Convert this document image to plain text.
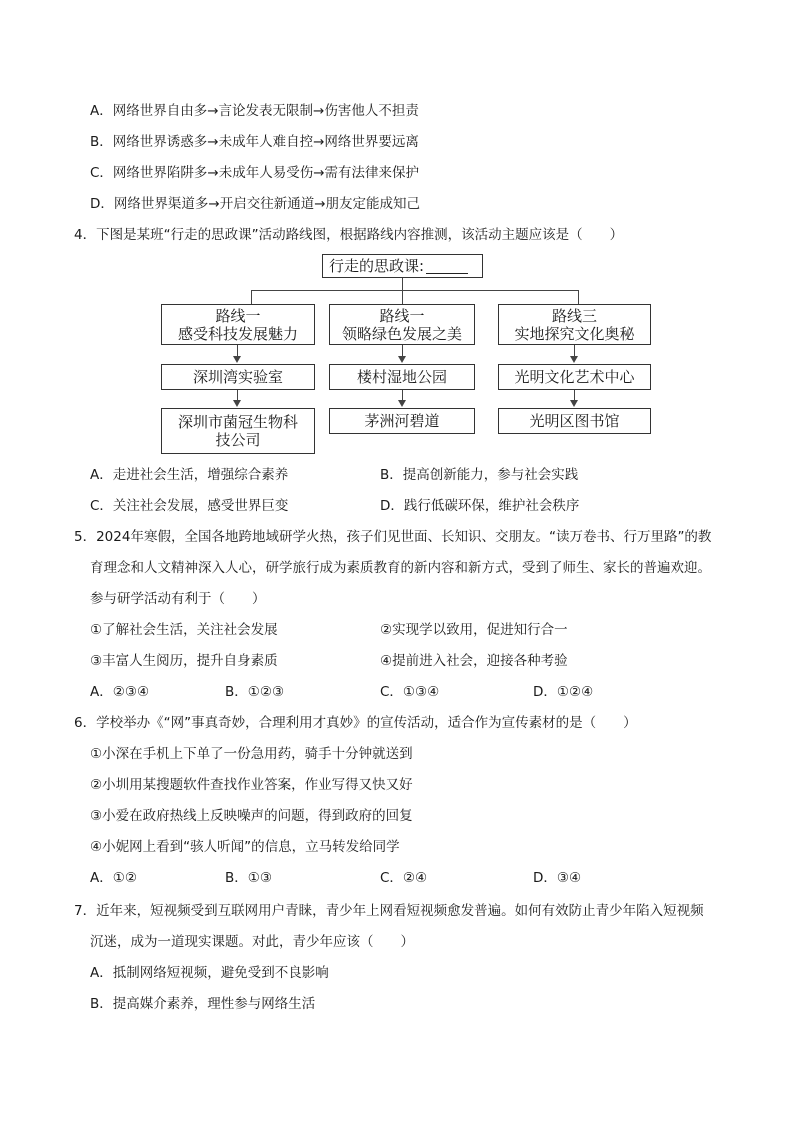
A．网络世界自由多→言论发表无限制→伤害他人不担责
B．网络世界诱惑多→未成年人难自控→网络世界要远离
C．网络世界陷阱多→未成年人易受伤→需有法律来保护
D．网络世界渠道多→开启交往新通道→朋友定能成知己
4．下图是某班“行走的思政课”活动路线图，根据路线内容推测，该活动主题应该是（　　）
行走的思政课:
路线一
感受科技发展魅力
深圳湾实验室
深圳市菌冠生物科
技公司
路线一
领略绿色发展之美
楼村湿地公园
茅洲河碧道
路线三
实地探究文化奥秘
光明文化艺术中心
光明区图书馆
A．走进社会生活，增强综合素养	B．提高创新能力，参与社会实践
C．关注社会发展，感受世界巨变	D．践行低碳环保，维护社会秩序
5．2024年寒假，全国各地跨地域研学火热，孩子们见世面、长知识、交朋友。“读万卷书、行万里路”的教
育理念和人文精神深入人心，研学旅行成为素质教育的新内容和新方式，受到了师生、家长的普遍欢迎。
参与研学活动有利于（　　）
①了解社会生活，关注社会发展	②实现学以致用，促进知行合一
③丰富人生阅历，提升自身素质	④提前进入社会，迎接各种考验
A．②③④	B．①②③	C．①③④	D．①②④
6．学校举办《“网”事真奇妙，合理利用才真妙》的宣传活动，适合作为宣传素材的是（　　）
①小深在手机上下单了一份急用药，骑手十分钟就送到
②小圳用某搜题软件查找作业答案，作业写得又快又好
③小爱在政府热线上反映噪声的问题，得到政府的回复
④小妮网上看到“骇人听闻”的信息，立马转发给同学
A．①②	B．①③	C．②④	D．③④
7．近年来，短视频受到互联网用户青睐，青少年上网看短视频愈发普遍。如何有效防止青少年陷入短视频
沉迷，成为一道现实课题。对此，青少年应该（　　）
A．抵制网络短视频，避免受到不良影响
B．提高媒介素养，理性参与网络生活
